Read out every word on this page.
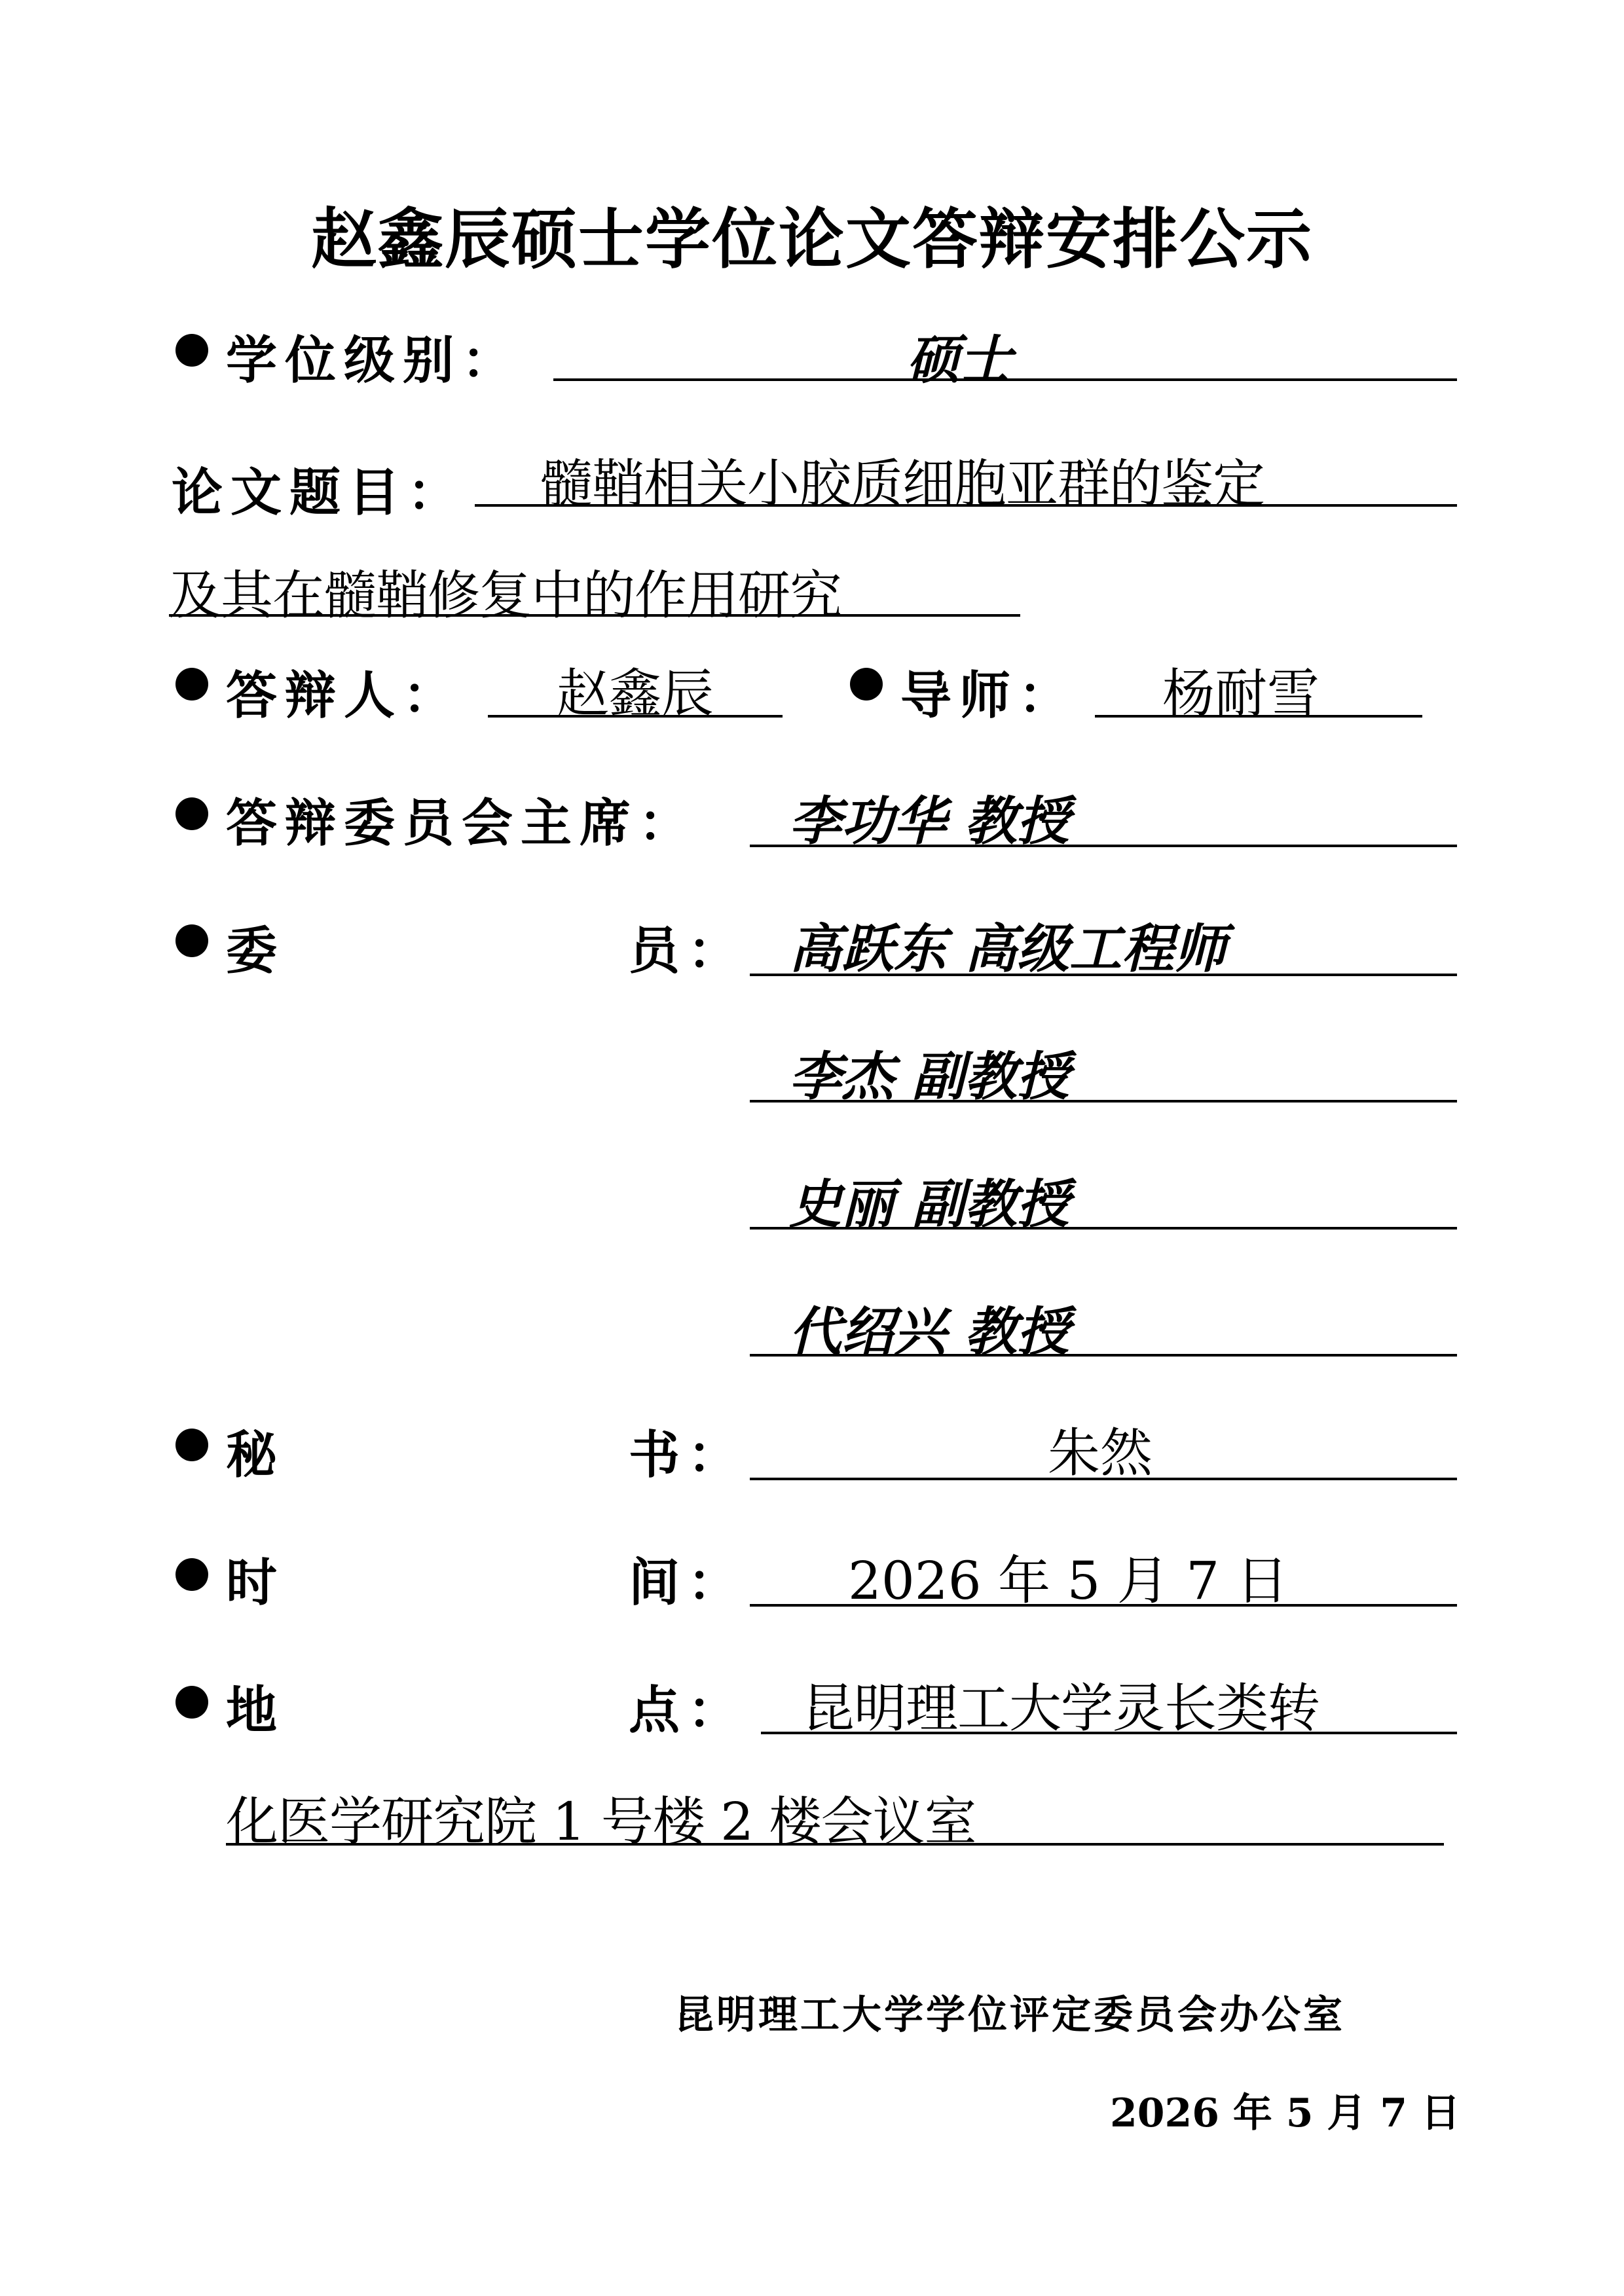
赵鑫辰硕士学位论文答辩安排公示
学位级别：	硕士
论文题目： 髓鞘相关小胶质细胞亚群的鉴定
及其在髓鞘修复中的作用研究
答辩人： 赵鑫辰	导师： 杨耐雪
答辩委员会主席： 李功华 教授
委	员： 高跃东 高级工程师
李杰 副教授
史丽 副教授
代绍兴 教授
秘	书：	朱然
时	间： 2026 年 5 月 7 日
地	点： 昆明理工大学灵长类转
化医学研究院 1 号楼 2 楼会议室
昆明理工大学学位评定委员会办公室
2026 年 5 月 7 日
